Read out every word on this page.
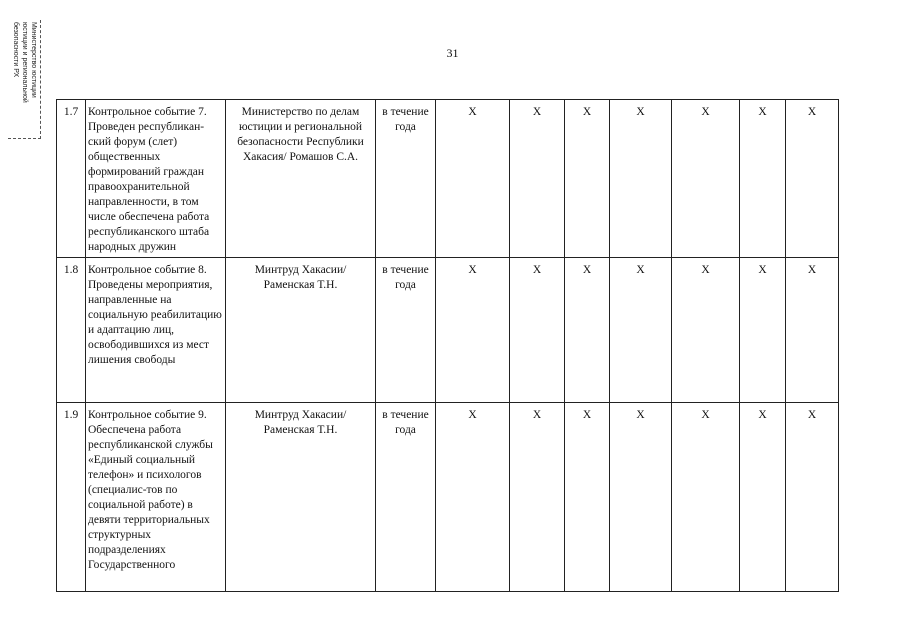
Министерство юстиции
юстиции и региональной
безопасности РХ	31
1.7	Контрольное событие 7. Проведен республикан-ский форум (слет) общественных формирований граждан правоохранительной направленности, в том числе обеспечена работа республиканского штаба народных дружин	Министерство по делам юстиции и региональной безопасности Республики Хакасия/ Ромашов С.А.	в течение года	Х	Х	Х	Х	Х	Х	Х
1.8	Контрольное событие 8. Проведены мероприятия, направленные на социальную реабилитацию и адаптацию лиц, освободившихся из мест лишения свободы	Минтруд Хакасии/ Раменская Т.Н.	в течение года	Х	Х	Х	Х	Х	Х	Х
1.9	Контрольное событие 9. Обеспечена работа республиканской службы «Единый социальный телефон» и психологов (специалис-тов по социальной работе) в девяти территориальных структурных подразделениях Государственного	Минтруд Хакасии/ Раменская Т.Н.	в течение года	Х	Х	Х	Х	Х	Х	Х
